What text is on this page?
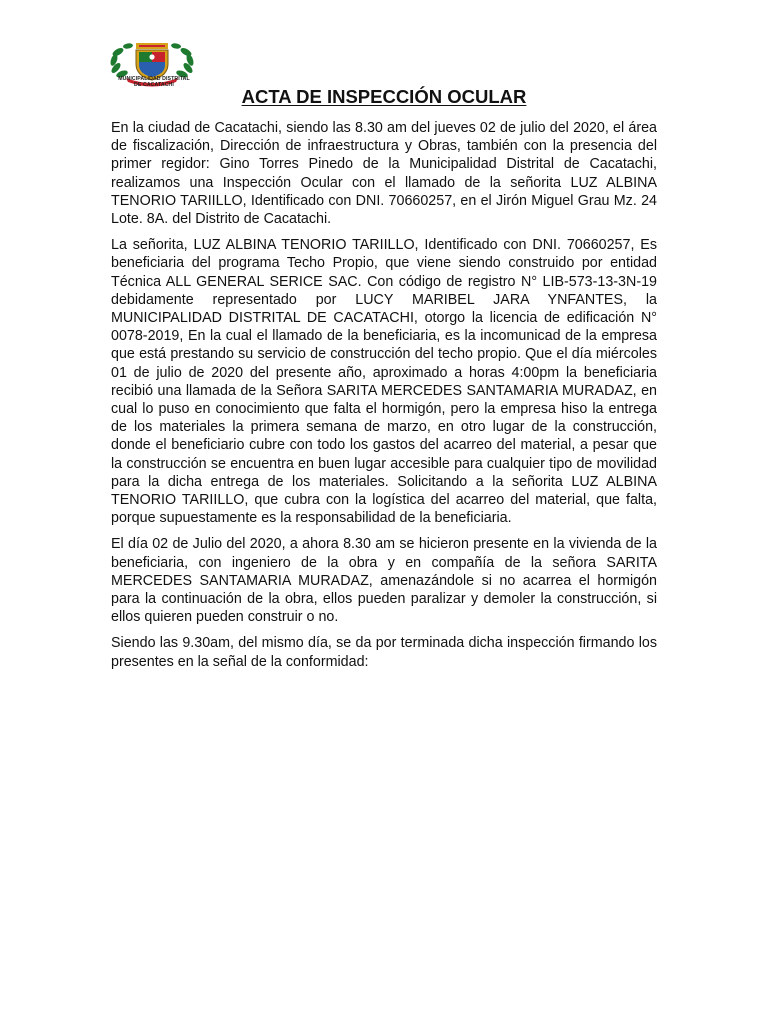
MUNICIPALIDAD DISTRITAL
DE CACATACHI
ACTA DE INSPECCIÓN OCULAR

En la ciudad de Cacatachi, siendo las 8.30 am del jueves 02 de julio del 2020, el área de fiscalización, Dirección de infraestructura y Obras, también con la presencia del primer regidor: Gino Torres Pinedo de la Municipalidad Distrital de Cacatachi, realizamos una Inspección Ocular con el llamado de la señorita LUZ ALBINA TENORIO TARIILLO, Identificado con DNI. 70660257, en el Jirón Miguel Grau Mz. 24 Lote. 8A. del Distrito de Cacatachi.

La señorita, LUZ ALBINA TENORIO TARIILLO, Identificado con DNI. 70660257, Es beneficiaria del programa Techo Propio, que viene siendo construido por entidad Técnica ALL GENERAL SERICE SAC. Con código de registro N° LIB-573-13-3N-19 debidamente representado por LUCY MARIBEL JARA YNFANTES, la MUNICIPALIDAD DISTRITAL DE CACATACHI, otorgo la licencia de edificación N° 0078-2019, En la cual el llamado de la beneficiaria, es la incomunicad de la empresa que está prestando su servicio de construcción del techo propio. Que el día miércoles 01 de julio de 2020 del presente año, aproximado a horas 4:00pm la beneficiaria recibió una llamada de la Señora SARITA MERCEDES SANTAMARIA MURADAZ, en cual lo puso en conocimiento que falta el hormigón, pero la empresa hiso la entrega de los materiales la primera semana de marzo, en otro lugar de la construcción, donde el beneficiario cubre con todo los gastos del acarreo del material, a pesar que la construcción se encuentra en buen lugar accesible para cualquier tipo de movilidad para la dicha entrega de los materiales. Solicitando a la señorita LUZ ALBINA TENORIO TARIILLO, que cubra con la logística del acarreo del material, que falta, porque supuestamente es la responsabilidad de la beneficiaria.

El día 02 de Julio del 2020, a ahora 8.30 am se hicieron presente en la vivienda de la beneficiaria, con ingeniero de la obra y en compañía de la señora SARITA MERCEDES SANTAMARIA MURADAZ, amenazándole si no acarrea el hormigón para la continuación de la obra, ellos pueden paralizar y demoler la construcción, si ellos quieren pueden construir o no.

Siendo las 9.30am, del mismo día, se da por terminada dicha inspección firmando los presentes en la señal de la conformidad:
